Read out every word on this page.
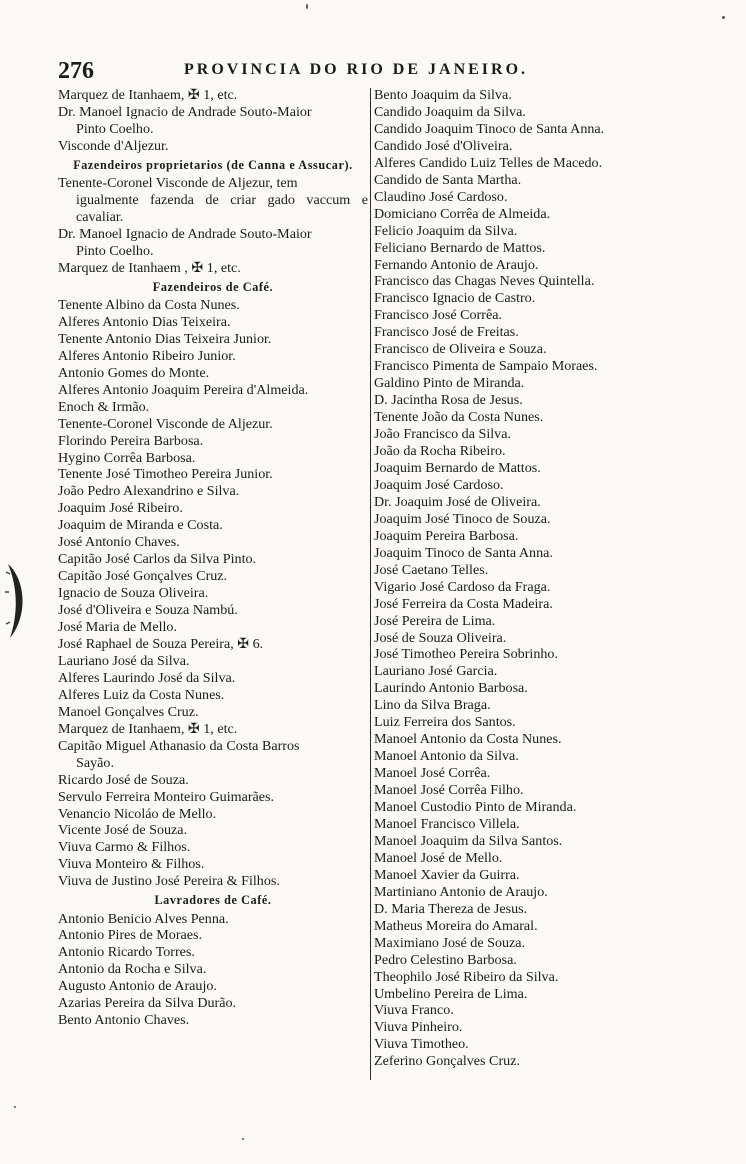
276	PROVINCIA DO RIO DE JANEIRO.
Marquez de Itanhaem, ✠ 1, etc.
Dr. Manoel Ignacio de Andrade Souto-Maior
Pinto Coelho.
Visconde d'Aljezur.
Fazendeiros proprietarios (de Canna e Assucar).
Tenente-Coronel Visconde de Aljezur, tem
igualmente fazenda de criar gado vaccum e cavaliar.
Dr. Manoel Ignacio de Andrade Souto-Maior
Pinto Coelho.
Marquez de Itanhaem , ✠ 1, etc.
Fazendeiros de Café.
Tenente Albino da Costa Nunes.
Alferes Antonio Dias Teixeira.
Tenente Antonio Dias Teixeira Junior.
Alferes Antonio Ribeiro Junior.
Antonio Gomes do Monte.
Alferes Antonio Joaquim Pereira d'Almeida.
Enoch & Irmão.
Tenente-Coronel Visconde de Aljezur.
Florindo Pereira Barbosa.
Hygino Corrêa Barbosa.
Tenente José Timotheo Pereira Junior.
João Pedro Alexandrino e Silva.
Joaquim José Ribeiro.
Joaquim de Miranda e Costa.
José Antonio Chaves.
Capitão José Carlos da Silva Pinto.
Capitão José Gonçalves Cruz.
Ignacio de Souza Oliveira.
José d'Oliveira e Souza Nambú.
José Maria de Mello.
José Raphael de Souza Pereira, ✠ 6.
Lauriano José da Silva.
Alferes Laurindo José da Silva.
Alferes Luiz da Costa Nunes.
Manoel Gonçalves Cruz.
Marquez de Itanhaem, ✠ 1, etc.
Capitão Miguel Athanasio da Costa Barros
Sayão.
Ricardo José de Souza.
Servulo Ferreira Monteiro Guimarães.
Venancio Nicoláo de Mello.
Vicente José de Souza.
Viuva Carmo & Filhos.
Viuva Monteiro & Filhos.
Viuva de Justino José Pereira & Filhos.
Lavradores de Café.
Antonio Benicio Alves Penna.
Antonio Pires de Moraes.
Antonio Ricardo Torres.
Antonio da Rocha e Silva.
Augusto Antonio de Araujo.
Azarias Pereira da Silva Durão.
Bento Antonio Chaves.
Bento Joaquim da Silva.
Candido Joaquim da Silva.
Candido Joaquim Tinoco de Santa Anna.
Candido José d'Oliveira.
Alferes Candido Luiz Telles de Macedo.
Candido de Santa Martha.
Claudino José Cardoso.
Domiciano Corrêa de Almeida.
Felicio Joaquim da Silva.
Feliciano Bernardo de Mattos.
Fernando Antonio de Araujo.
Francisco das Chagas Neves Quintella.
Francisco Ignacio de Castro.
Francisco José Corrêa.
Francisco José de Freitas.
Francisco de Oliveira e Souza.
Francisco Pimenta de Sampaio Moraes.
Galdino Pinto de Miranda.
D. Jacintha Rosa de Jesus.
Tenente João da Costa Nunes.
João Francisco da Silva.
João da Rocha Ribeiro.
Joaquim Bernardo de Mattos.
Joaquim José Cardoso.
Dr. Joaquim José de Oliveira.
Joaquim José Tinoco de Souza.
Joaquim Pereira Barbosa.
Joaquim Tinoco de Santa Anna.
José Caetano Telles.
Vigario José Cardoso da Fraga.
José Ferreira da Costa Madeira.
José Pereira de Lima.
José de Souza Oliveira.
José Timotheo Pereira Sobrinho.
Lauriano José Garcia.
Laurindo Antonio Barbosa.
Lino da Silva Braga.
Luiz Ferreira dos Santos.
Manoel Antonio da Costa Nunes.
Manoel Antonio da Silva.
Manoel José Corrêa.
Manoel José Corrêa Filho.
Manoel Custodio Pinto de Miranda.
Manoel Francisco Villela.
Manoel Joaquim da Silva Santos.
Manoel José de Mello.
Manoel Xavier da Guirra.
Martiniano Antonio de Araujo.
D. Maria Thereza de Jesus.
Matheus Moreira do Amaral.
Maximiano José de Souza.
Pedro Celestino Barbosa.
Theophilo José Ribeiro da Silva.
Umbelino Pereira de Lima.
Viuva Franco.
Viuva Pinheiro.
Viuva Timotheo.
Zeferino Gonçalves Cruz.
